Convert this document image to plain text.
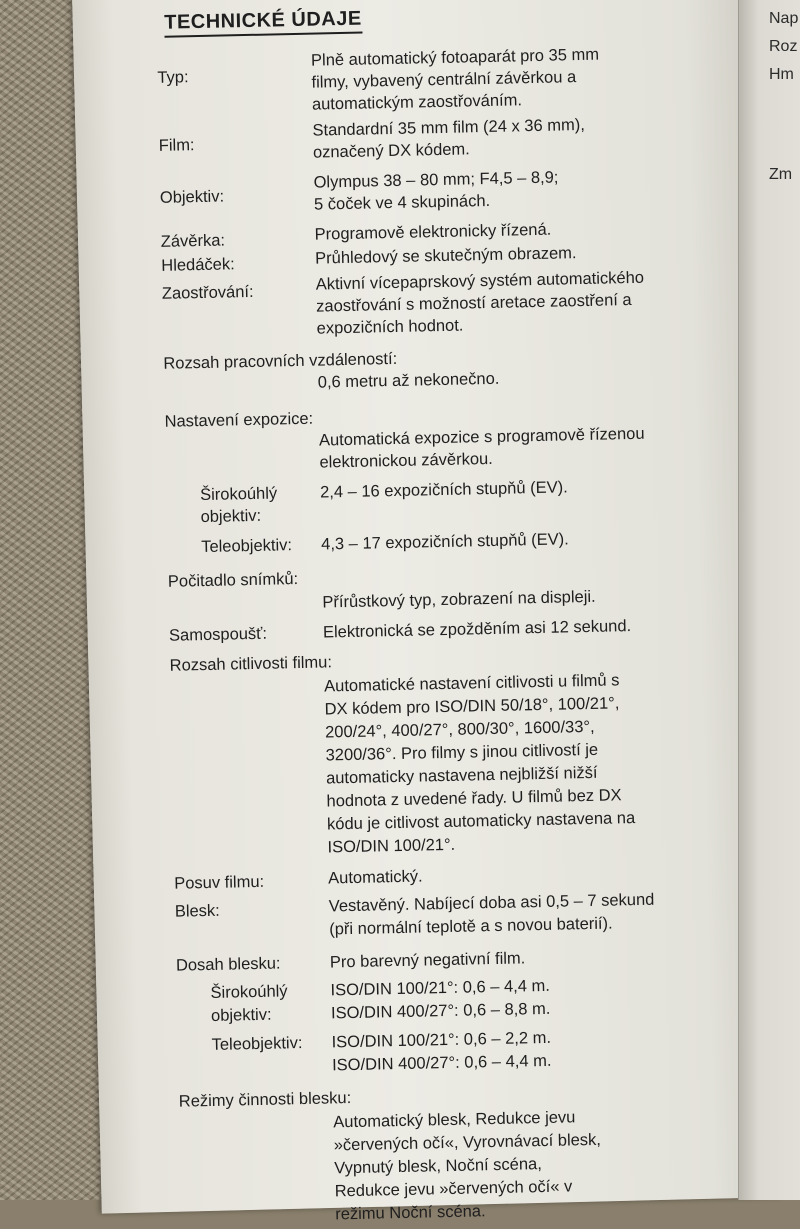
Nap
Roz
Hm
Zm
TECHNICKÉ ÚDAJE
Typ:
Plně automatický fotoaparát pro 35 mm
filmy, vybavený centrální závěrkou a
automatickým zaostřováním.
Film:
Standardní 35 mm film (24 x 36 mm),
označený DX kódem.
Objektiv:
Olympus 38 – 80 mm; F4,5 – 8,9;
5 čoček ve 4 skupinách.
Závěrka:	Programově elektronicky řízená.
Hledáček:	Průhledový se skutečným obrazem.
Zaostřování:	Aktivní vícepaprskový systém automatického
zaostřování s možností aretace zaostření a
expozičních hodnot.
Rozsah pracovních vzdáleností:
0,6 metru až nekonečno.
Nastavení expozice:
Automatická expozice s programově řízenou
elektronickou závěrkou.
Širokoúhlý
objektiv:
2,4 – 16 expozičních stupňů (EV).
Teleobjektiv: 4,3 – 17 expozičních stupňů (EV).
Počitadlo snímků:
Přírůstkový typ, zobrazení na displeji.
Samospoušť:	Elektronická se zpožděním asi 12 sekund.
Rozsah citlivosti filmu:
Automatické nastavení citlivosti u filmů s
DX kódem pro ISO/DIN 50/18°, 100/21°,
200/24°, 400/27°, 800/30°, 1600/33°,
3200/36°. Pro filmy s jinou citlivostí je
automaticky nastavena nejbližší nižší
hodnota z uvedené řady. U filmů bez DX
kódu je citlivost automaticky nastavena na
ISO/DIN 100/21°.
Posuv filmu:	Automatický.
Blesk:	Vestavěný. Nabíjecí doba asi 0,5 – 7 sekund
(při normální teplotě a s novou baterií).
Dosah blesku:	Pro barevný negativní film.
Širokoúhlý
objektiv:
ISO/DIN 100/21°: 0,6 – 4,4 m.
ISO/DIN 400/27°: 0,6 – 8,8 m.
Teleobjektiv: ISO/DIN 100/21°: 0,6 – 2,2 m.
ISO/DIN 400/27°: 0,6 – 4,4 m.
Režimy činnosti blesku:
Automatický blesk, Redukce jevu
»červených očí«, Vyrovnávací blesk,
Vypnutý blesk, Noční scéna,
Redukce jevu »červených očí« v
režimu Noční scéna.
